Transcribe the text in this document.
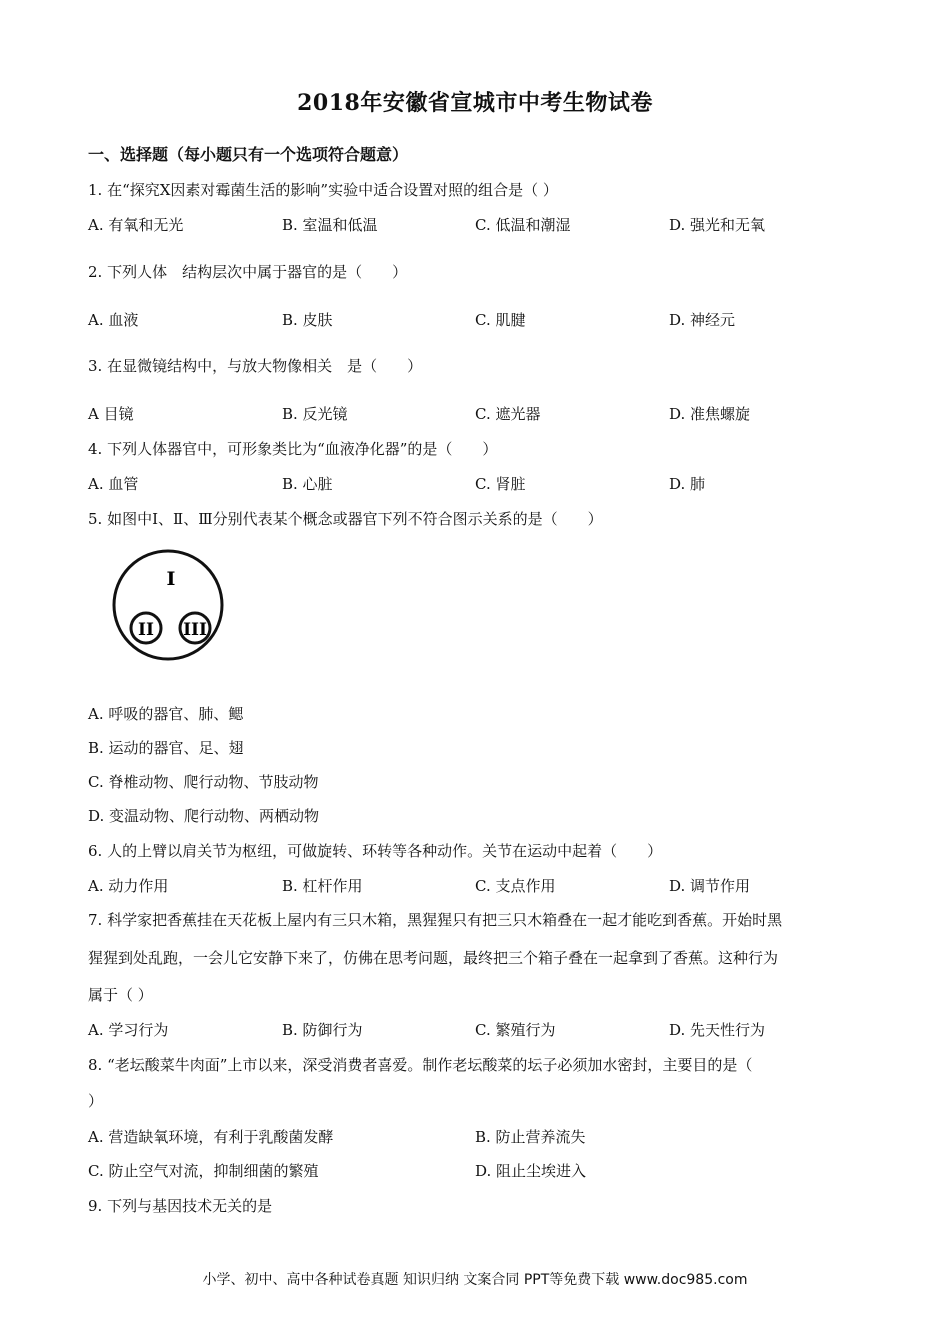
2018年安徽省宣城市中考生物试卷
一、选择题（每小题只有一个选项符合题意）
1. 在“探究X因素对霉菌生活的影响”实验中适合设置对照的组合是（ ）
A. 有氧和无光	B. 室温和低温	C. 低温和潮湿	D. 强光和无氧
2. 下列人体　结构层次中属于器官的是（　　）
A. 血液	B. 皮肤	C. 肌腱	D. 神经元
3. 在显微镜结构中，与放大物像相关　是（　　）
A 目镜	B. 反光镜	C. 遮光器	D. 准焦螺旋
4. 下列人体器官中，可形象类比为“血液净化器”的是（　　）
A. 血管	B. 心脏	C. 肾脏	D. 肺
5. 如图中Ⅰ、Ⅱ、Ⅲ分别代表某个概念或器官下列不符合图示关系的是（　　）
I
II III
A. 呼吸的器官、肺、鳃
B. 运动的器官、足、翅
C. 脊椎动物、爬行动物、节肢动物
D. 变温动物、爬行动物、两栖动物
6. 人的上臂以肩关节为枢纽，可做旋转、环转等各种动作。关节在运动中起着（　　）
A. 动力作用	B. 杠杆作用	C. 支点作用	D. 调节作用
7. 科学家把香蕉挂在天花板上屋内有三只木箱，黑猩猩只有把三只木箱叠在一起才能吃到香蕉。开始时黑
猩猩到处乱跑，一会儿它安静下来了，仿佛在思考问题，最终把三个箱子叠在一起拿到了香蕉。这种行为
属于（ ）
A. 学习行为	B. 防御行为	C. 繁殖行为	D. 先天性行为
8. “老坛酸菜牛肉面”上市以来，深受消费者喜爱。制作老坛酸菜的坛子必须加水密封，主要目的是（
）
A. 营造缺氧环境，有利于乳酸菌发酵	B. 防止营养流失
C. 防止空气对流，抑制细菌的繁殖	D. 阻止尘埃进入
9. 下列与基因技术无关的是
小学、初中、高中各种试卷真题 知识归纳 文案合同 PPT等免费下载 www.doc985.com
